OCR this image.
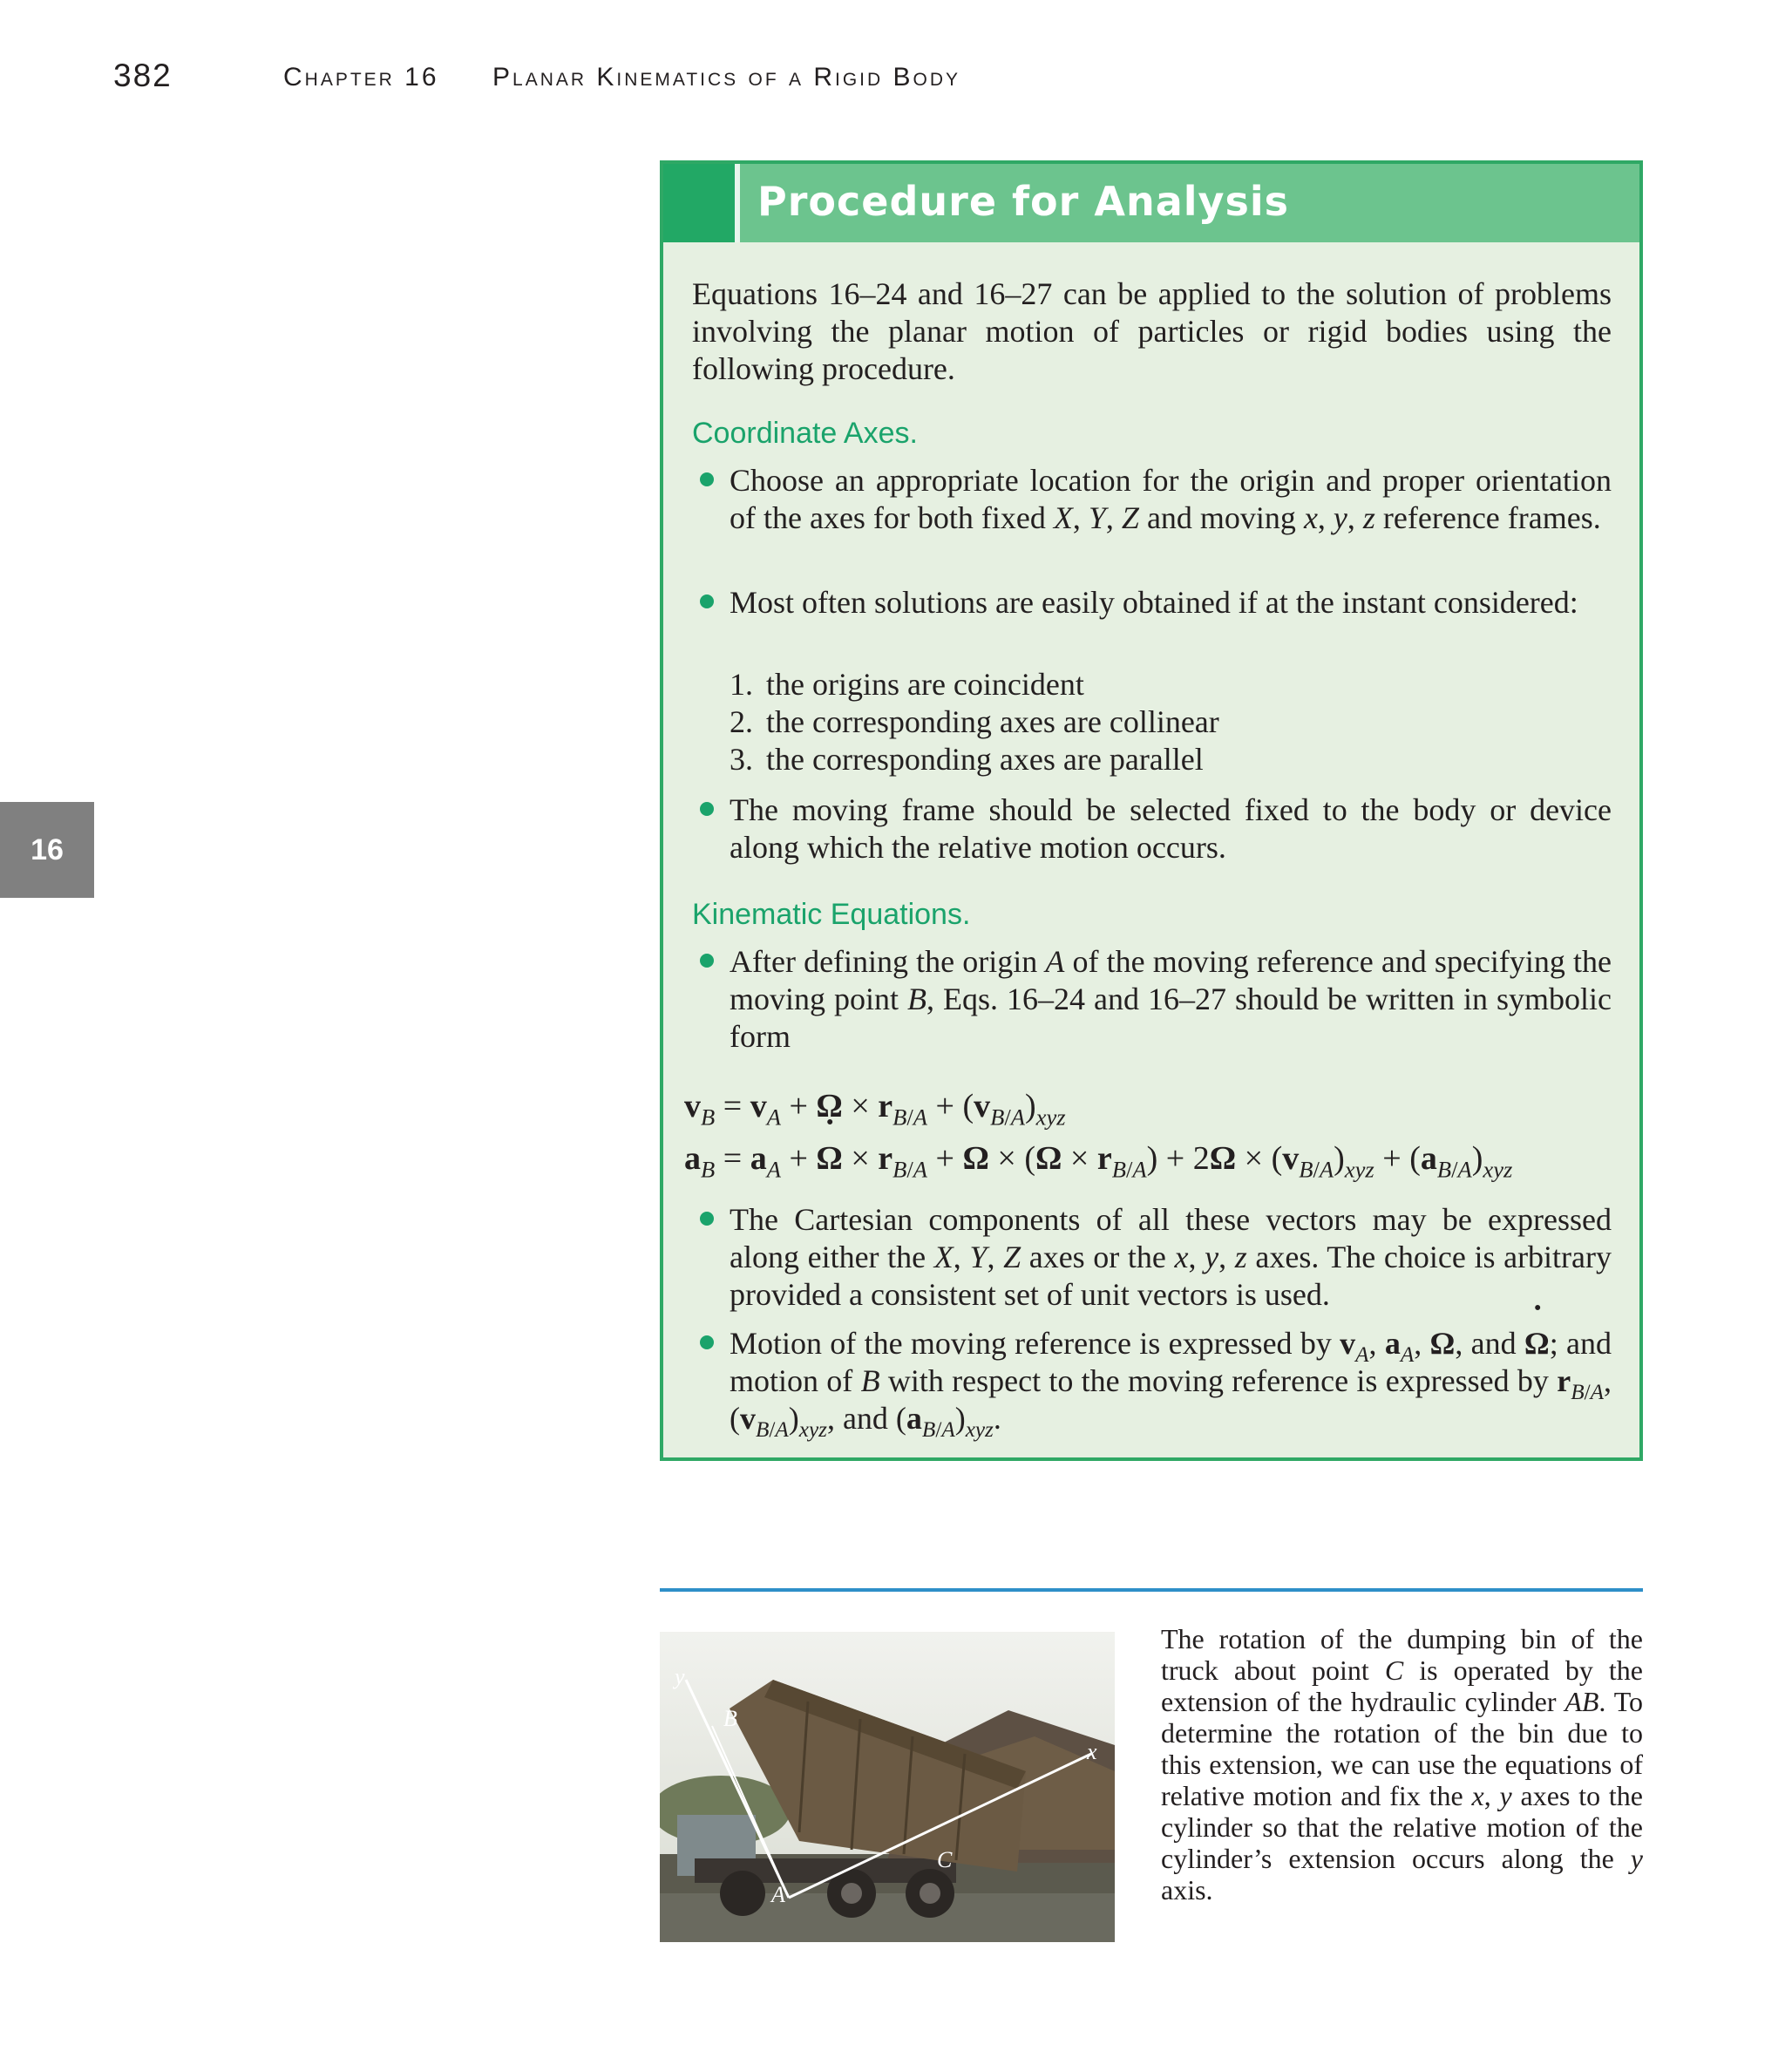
382	Chapter 16 Planar Kinematics of a Rigid Body
16
Procedure for Analysis
Equations 16–24 and 16–27 can be applied to the solution of problems involving the planar motion of particles or rigid bodies using the following procedure.
Coordinate Axes.
Choose an appropriate location for the origin and proper orientation of the axes for both fixed X, Y, Z and moving x, y, z reference frames.
Most often solutions are easily obtained if at the instant considered:
1. the origins are coincident
2. the corresponding axes are collinear
3. the corresponding axes are parallel
The moving frame should be selected fixed to the body or device along which the relative motion occurs.
Kinematic Equations.
After defining the origin A of the moving reference and specifying the moving point B, Eqs. 16–24 and 16–27 should be written in symbolic form
$v_B = v_A + \Omega \times r_{B/A} + (v_{B/A})_{xyz}$
$a_B = a_A + \Omega$ ˙ × $r_{B/A} + \Omega \times (\Omega \times r_{B/A}) + 2\Omega \times (v_{B/A})_{xyz} + (a_{B/A})_{xyz}$
The Cartesian components of all these vectors may be expressed along either the X, Y, Z axes or the x, y, z axes. The choice is arbitrary provided a consistent set of unit vectors is used.
Motion of the moving reference is expressed by $v_A$, $a_A$, Ω, and Ω ˙; and motion of B with respect to the moving reference is expressed by $r_{B/A}$, $(v_{B/A})_{xyz}$, and $(a_{B/A})_{xyz}$.
y
B
x
C
A
The rotation of the dumping bin of the truck about point C is operated by the extension of the hydraulic cylinder AB. To determine the rotation of the bin due to this extension, we can use the equations of relative motion and fix the x, y axes to the cylinder so that the relative motion of the cylinder’s extension occurs along the y axis.
